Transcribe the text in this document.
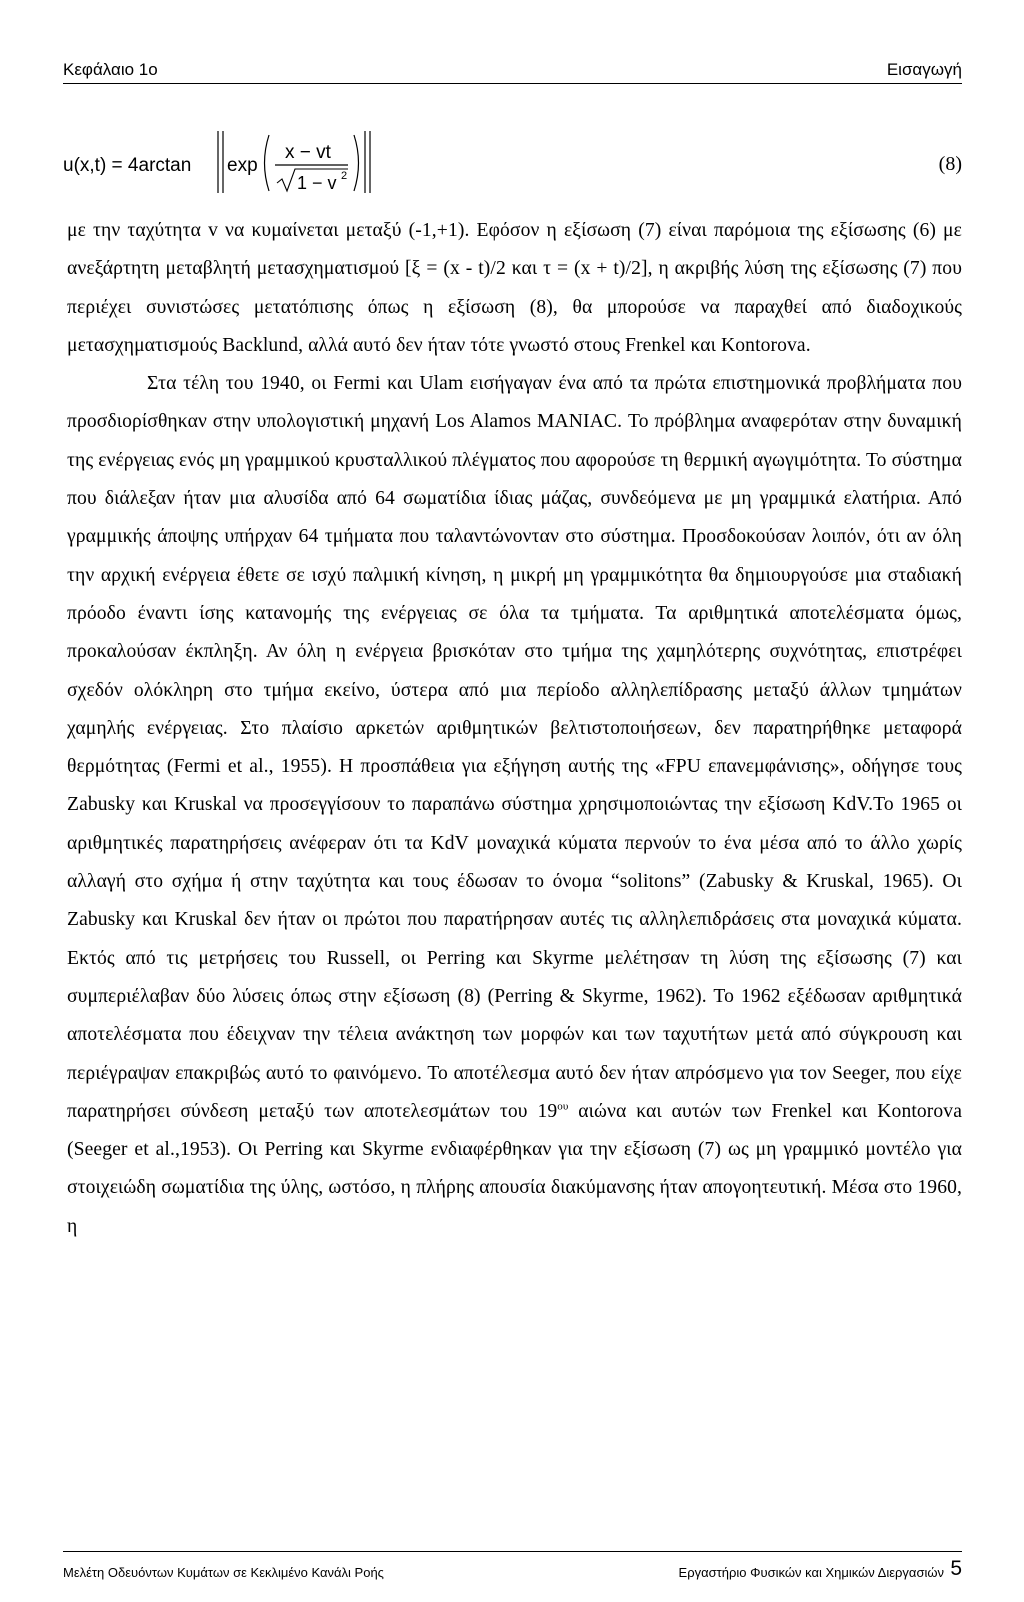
Κεφάλαιο 1ο	Εισαγωγή
u(x,t) = 4arctan exp
x − vt
1 − v 2
(8)

με την ταχύτητα v να κυμαίνεται μεταξύ (-1,+1). Εφόσον η εξίσωση (7) είναι παρόμοια της εξίσωσης (6) με ανεξάρτητη μεταβλητή μετασχηματισμού [ξ = (x - t)/2 και τ = (x + t)/2], η ακριβής λύση της εξίσωσης (7) που περιέχει συνιστώσες μετατόπισης όπως η εξίσωση (8), θα μπορούσε να παραχθεί από διαδοχικούς μετασχηματισμούς Backlund, αλλά αυτό δεν ήταν τότε γνωστό στους Frenkel και Kontorova.

Στα τέλη του 1940, οι Fermi και Ulam εισήγαγαν ένα από τα πρώτα επιστημονικά προβλήματα που προσδιορίσθηκαν στην υπολογιστική μηχανή Los Alamos MANIAC. Το πρόβλημα αναφερόταν στην δυναμική της ενέργειας ενός μη γραμμικού κρυσταλλικού πλέγματος που αφορούσε τη θερμική αγωγιμότητα. Το σύστημα που διάλεξαν ήταν μια αλυσίδα από 64 σωματίδια ίδιας μάζας, συνδεόμενα με μη γραμμικά ελατήρια. Από γραμμικής άποψης υπήρχαν 64 τμήματα που ταλαντώνονταν στο σύστημα. Προσδοκούσαν λοιπόν, ότι αν όλη την αρχική ενέργεια έθετε σε ισχύ παλμική κίνηση, η μικρή μη γραμμικότητα θα δημιουργούσε μια σταδιακή πρόοδο έναντι ίσης κατανομής της ενέργειας σε όλα τα τμήματα. Τα αριθμητικά αποτελέσματα όμως, προκαλούσαν έκπληξη. Αν όλη η ενέργεια βρισκόταν στο τμήμα της χαμηλότερης συχνότητας, επιστρέφει σχεδόν ολόκληρη στο τμήμα εκείνο, ύστερα από μια περίοδο αλληλεπίδρασης μεταξύ άλλων τμημάτων χαμηλής ενέργειας. Στο πλαίσιο αρκετών αριθμητικών βελτιστοποιήσεων, δεν παρατηρήθηκε μεταφορά θερμότητας (Fermi et al., 1955). Η προσπάθεια για εξήγηση αυτής της «FPU επανεμφάνισης», οδήγησε τους Zabusky και Kruskal να προσεγγίσουν το παραπάνω σύστημα χρησιμοποιώντας την εξίσωση KdV.Το 1965 οι αριθμητικές παρατηρήσεις ανέφεραν ότι τα KdV μοναχικά κύματα περνούν το ένα μέσα από το άλλο χωρίς αλλαγή στο σχήμα ή στην ταχύτητα και τους έδωσαν το όνομα “solitons” (Zabusky & Kruskal, 1965). Οι Zabusky και Kruskal δεν ήταν οι πρώτοι που παρατήρησαν αυτές τις αλληλεπιδράσεις στα μοναχικά κύματα. Εκτός από τις μετρήσεις του Russell, οι Perring και Skyrme μελέτησαν τη λύση της εξίσωσης (7) και συμπεριέλαβαν δύο λύσεις όπως στην εξίσωση (8) (Perring & Skyrme, 1962). Το 1962 εξέδωσαν αριθμητικά αποτελέσματα που έδειχναν την τέλεια ανάκτηση των μορφών και των ταχυτήτων μετά από σύγκρουση και περιέγραψαν επακριβώς αυτό το φαινόμενο. Το αποτέλεσμα αυτό δεν ήταν απρόσμενο για τον Seeger, που είχε παρατηρήσει σύνδεση μεταξύ των αποτελεσμάτων του $19^{o\upsilon}$ αιώνα και αυτών των Frenkel και Kontorova (Seeger et al.,1953). Οι Perring και Skyrme ενδιαφέρθηκαν για την εξίσωση (7) ως μη γραμμικό μοντέλο για στοιχειώδη σωματίδια της ύλης, ωστόσο, η πλήρης απουσία διακύμανσης ήταν απογοητευτική. Μέσα στο 1960, η

Μελέτη Οδευόντων Κυμάτων σε Κεκλιμένο Κανάλι Ροής	Εργαστήριο Φυσικών και Χημικών Διεργασιών 5
